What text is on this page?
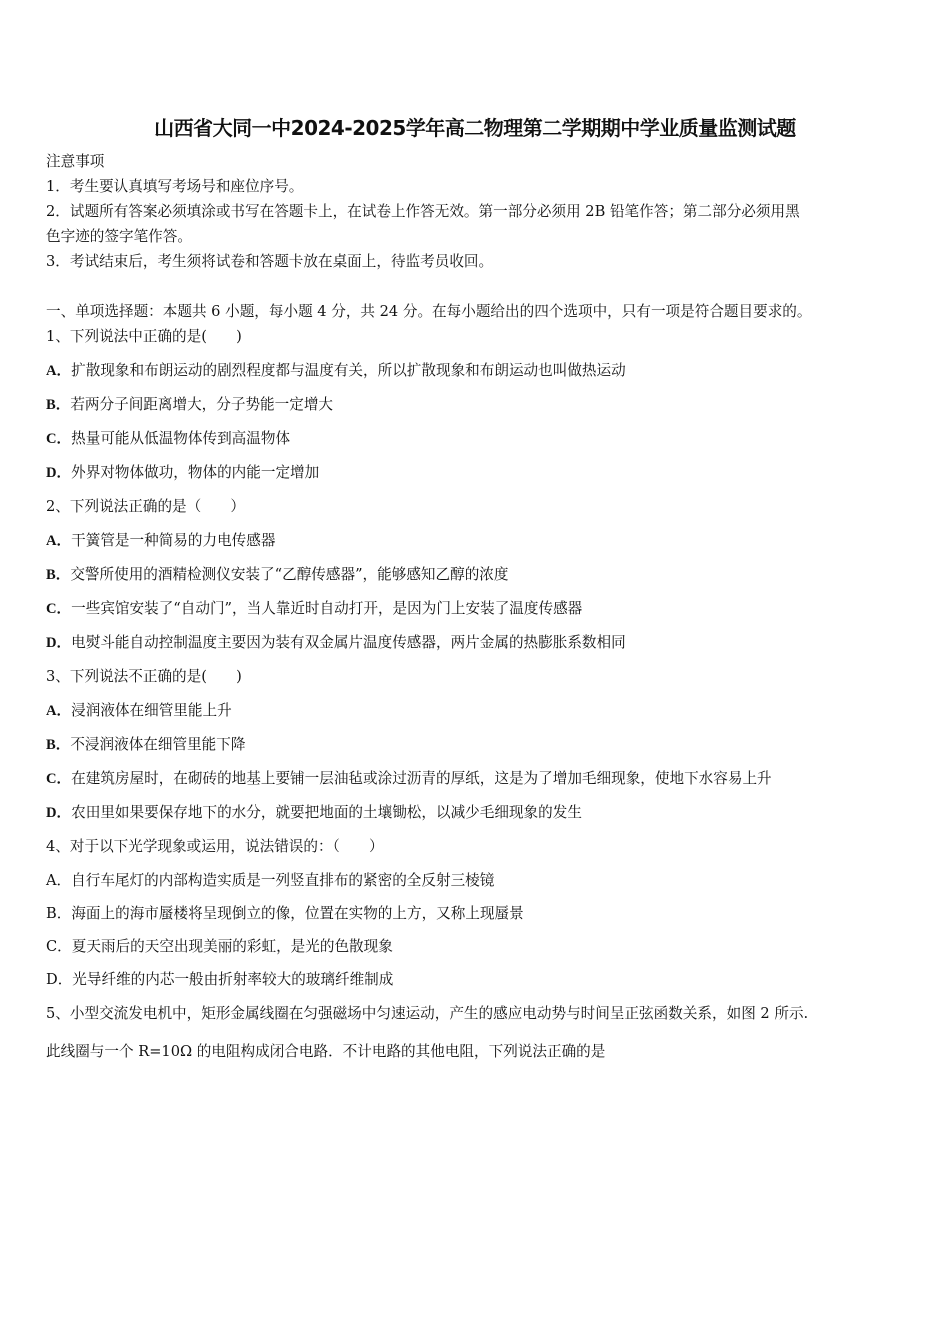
山西省大同一中2024-2025学年高二物理第二学期期中学业质量监测试题
注意事项
1．考生要认真填写考场号和座位序号。
2．试题所有答案必须填涂或书写在答题卡上，在试卷上作答无效。第一部分必须用 2B 铅笔作答；第二部分必须用黑
色字迹的签字笔作答。
3．考试结束后，考生须将试卷和答题卡放在桌面上，待监考员收回。
一、单项选择题：本题共 6 小题，每小题 4 分，共 24 分。在每小题给出的四个选项中，只有一项是符合题目要求的。
1、下列说法中正确的是(　　)
A．扩散现象和布朗运动的剧烈程度都与温度有关，所以扩散现象和布朗运动也叫做热运动
B．若两分子间距离增大，分子势能一定增大
C．热量可能从低温物体传到高温物体
D．外界对物体做功，物体的内能一定增加
2、下列说法正确的是（　　）
A．干簧管是一种简易的力电传感器
B．交警所使用的酒精检测仪安装了“乙醇传感器”，能够感知乙醇的浓度
C．一些宾馆安装了“自动门”，当人靠近时自动打开，是因为门上安装了温度传感器
D．电熨斗能自动控制温度主要因为装有双金属片温度传感器，两片金属的热膨胀系数相同
3、下列说法不正确的是(　　)
A．浸润液体在细管里能上升
B．不浸润液体在细管里能下降
C．在建筑房屋时，在砌砖的地基上要铺一层油毡或涂过沥青的厚纸，这是为了增加毛细现象，使地下水容易上升
D．农田里如果要保存地下的水分，就要把地面的土壤锄松，以减少毛细现象的发生
4、对于以下光学现象或运用，说法错误的：（　　）
A．自行车尾灯的内部构造实质是一列竖直排布的紧密的全反射三棱镜
B．海面上的海市蜃楼将呈现倒立的像，位置在实物的上方，又称上现蜃景
C．夏天雨后的天空出现美丽的彩虹，是光的色散现象
D．光导纤维的内芯一般由折射率较大的玻璃纤维制成
5、小型交流发电机中，矩形金属线圈在匀强磁场中匀速运动，产生的感应电动势与时间呈正弦函数关系，如图 2 所示.
此线圈与一个 R=10Ω 的电阻构成闭合电路．不计电路的其他电阻，下列说法正确的是
